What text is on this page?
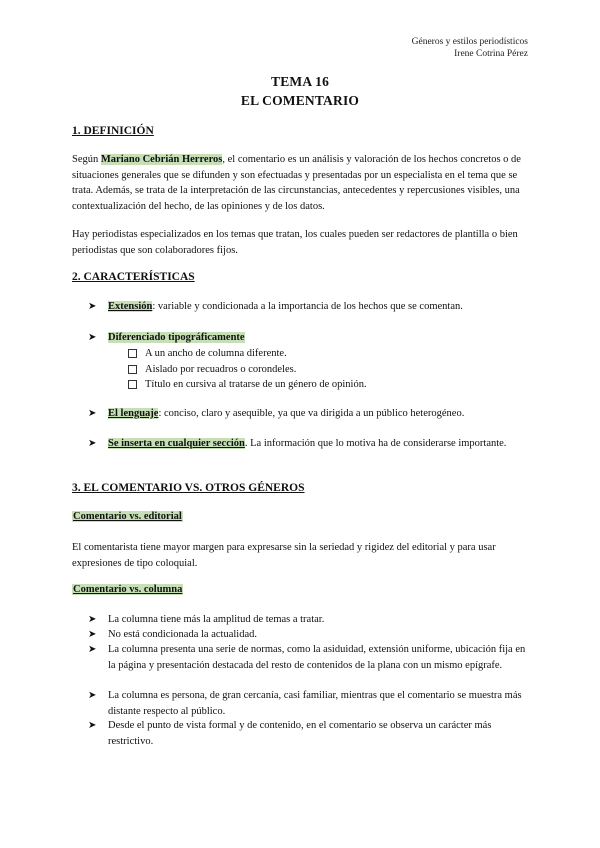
Géneros y estilos periodísticos
Irene Cotrina Pérez
TEMA 16
EL COMENTARIO
1. DEFINICIÓN
Según Mariano Cebrián Herreros, el comentario es un análisis y valoración de los hechos concretos o de situaciones generales que se difunden y son efectuadas y presentadas por un especialista en el tema que se trata. Además, se trata de la interpretación de las circunstancias, antecedentes y repercusiones visibles, una contextualización del hecho, de las opiniones y de los datos.
Hay periodistas especializados en los temas que tratan, los cuales pueden ser redactores de plantilla o bien periodistas que son colaboradores fijos.
2. CARACTERÍSTICAS
➤ Extensión: variable y condicionada a la importancia de los hechos que se comentan.
➤ Diferenciado tipográficamente
A un ancho de columna diferente.
Aislado por recuadros o corondeles.
Título en cursiva al tratarse de un género de opinión.
➤ El lenguaje: conciso, claro y asequible, ya que va dirigida a un público heterogéneo.
➤ Se inserta en cualquier sección. La información que lo motiva ha de considerarse importante.
3. EL COMENTARIO VS. OTROS GÉNEROS
Comentario vs. editorial
El comentarista tiene mayor margen para expresarse sin la seriedad y rigidez del editorial y para usar expresiones de tipo coloquial.
Comentario vs. columna
➤ La columna tiene más la amplitud de temas a tratar.
➤ No está condicionada la actualidad.
➤ La columna presenta una serie de normas, como la asiduidad, extensión uniforme, ubicación fija en la página y presentación destacada del resto de contenidos de la plana con un mismo epígrafe.
➤ La columna es persona, de gran cercanía, casi familiar, mientras que el comentario se muestra más distante respecto al público.
➤ Desde el punto de vista formal y de contenido, en el comentario se observa un carácter más restrictivo.
